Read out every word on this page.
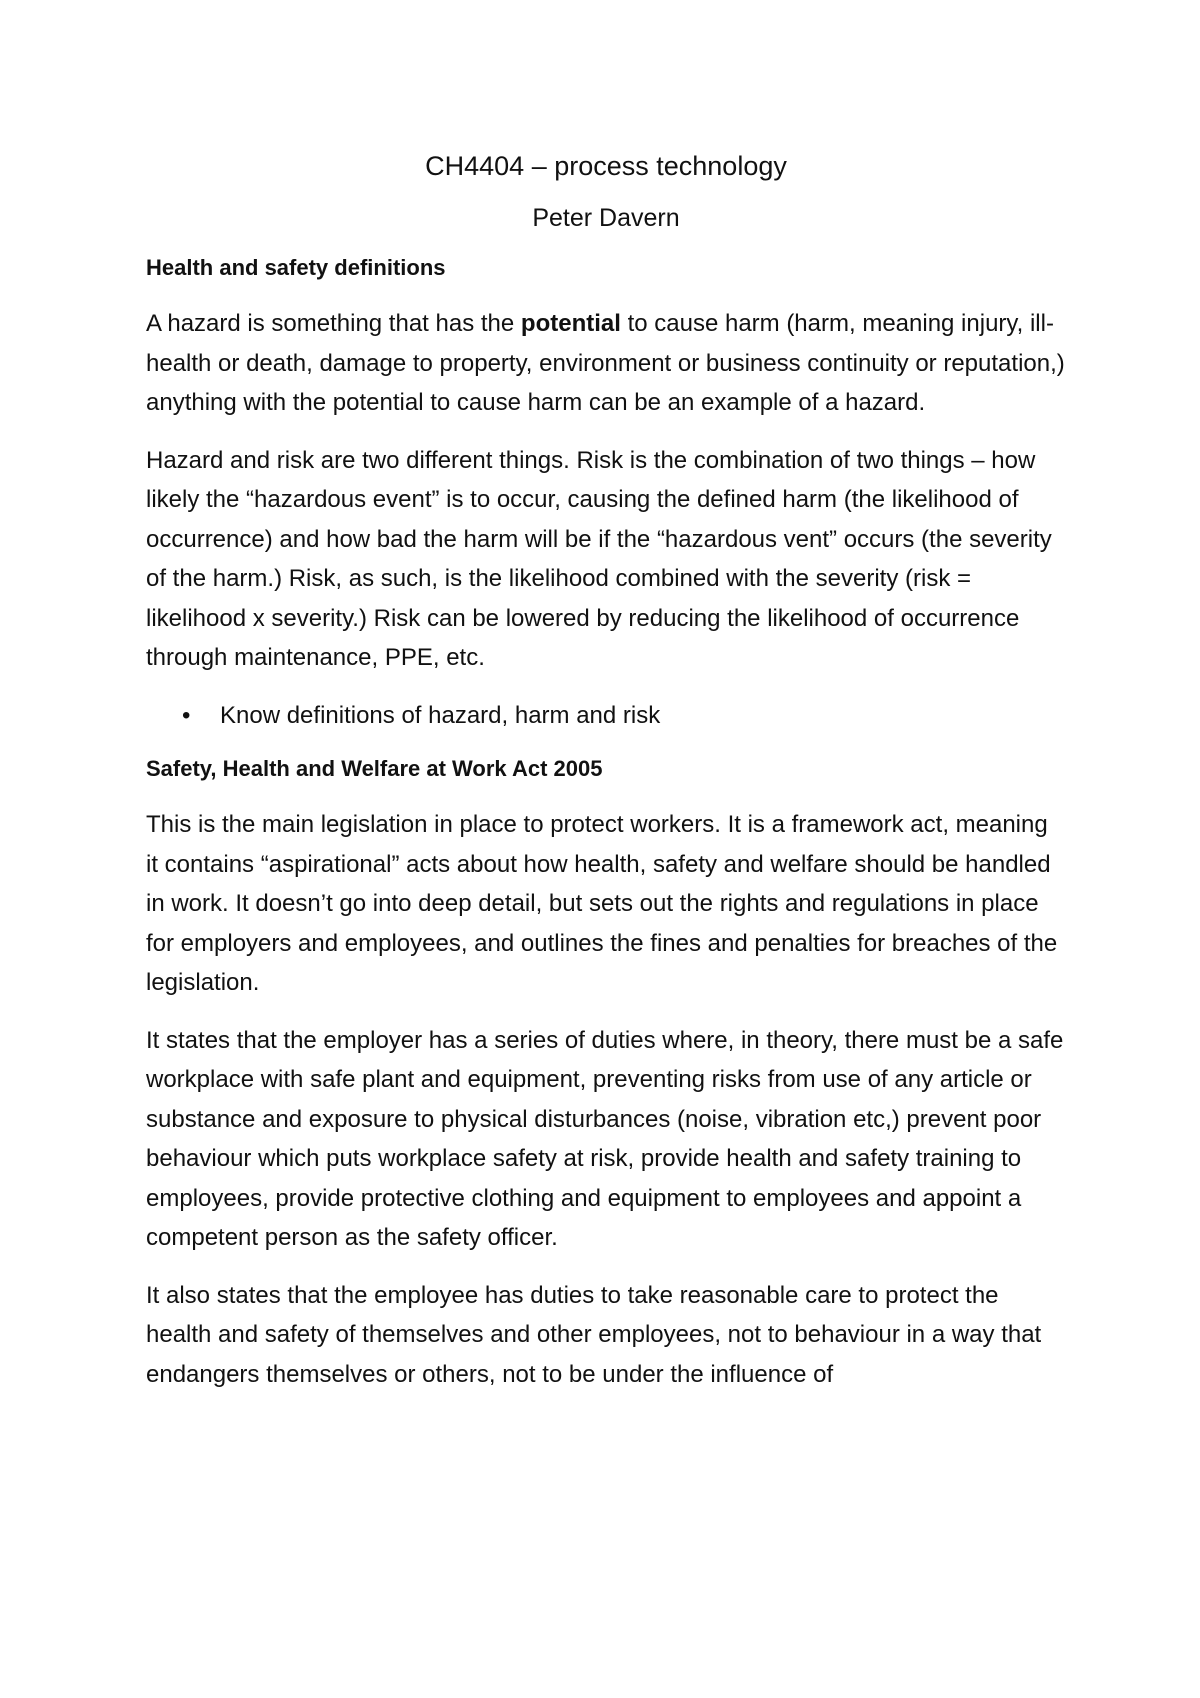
CH4404 – process technology
Peter Davern
Health and safety definitions

A hazard is something that has the potential to cause harm (harm, meaning injury, ill-health or death, damage to property, environment or business continuity or reputation,) anything with the potential to cause harm can be an example of a hazard.

Hazard and risk are two different things. Risk is the combination of two things – how likely the “hazardous event” is to occur, causing the defined harm (the likelihood of occurrence) and how bad the harm will be if the “hazardous vent” occurs (the severity of the harm.) Risk, as such, is the likelihood combined with the severity (risk = likelihood x severity.) Risk can be lowered by reducing the likelihood of occurrence through maintenance, PPE, etc.

• Know definitions of hazard, harm and risk
Safety, Health and Welfare at Work Act 2005

This is the main legislation in place to protect workers. It is a framework act, meaning it contains “aspirational” acts about how health, safety and welfare should be handled in work. It doesn’t go into deep detail, but sets out the rights and regulations in place for employers and employees, and outlines the fines and penalties for breaches of the legislation.

It states that the employer has a series of duties where, in theory, there must be a safe workplace with safe plant and equipment, preventing risks from use of any article or substance and exposure to physical disturbances (noise, vibration etc,) prevent poor behaviour which puts workplace safety at risk, provide health and safety training to employees, provide protective clothing and equipment to employees and appoint a competent person as the safety officer.

It also states that the employee has duties to take reasonable care to protect the health and safety of themselves and other employees, not to behaviour in a way that endangers themselves or others, not to be under the influence of
